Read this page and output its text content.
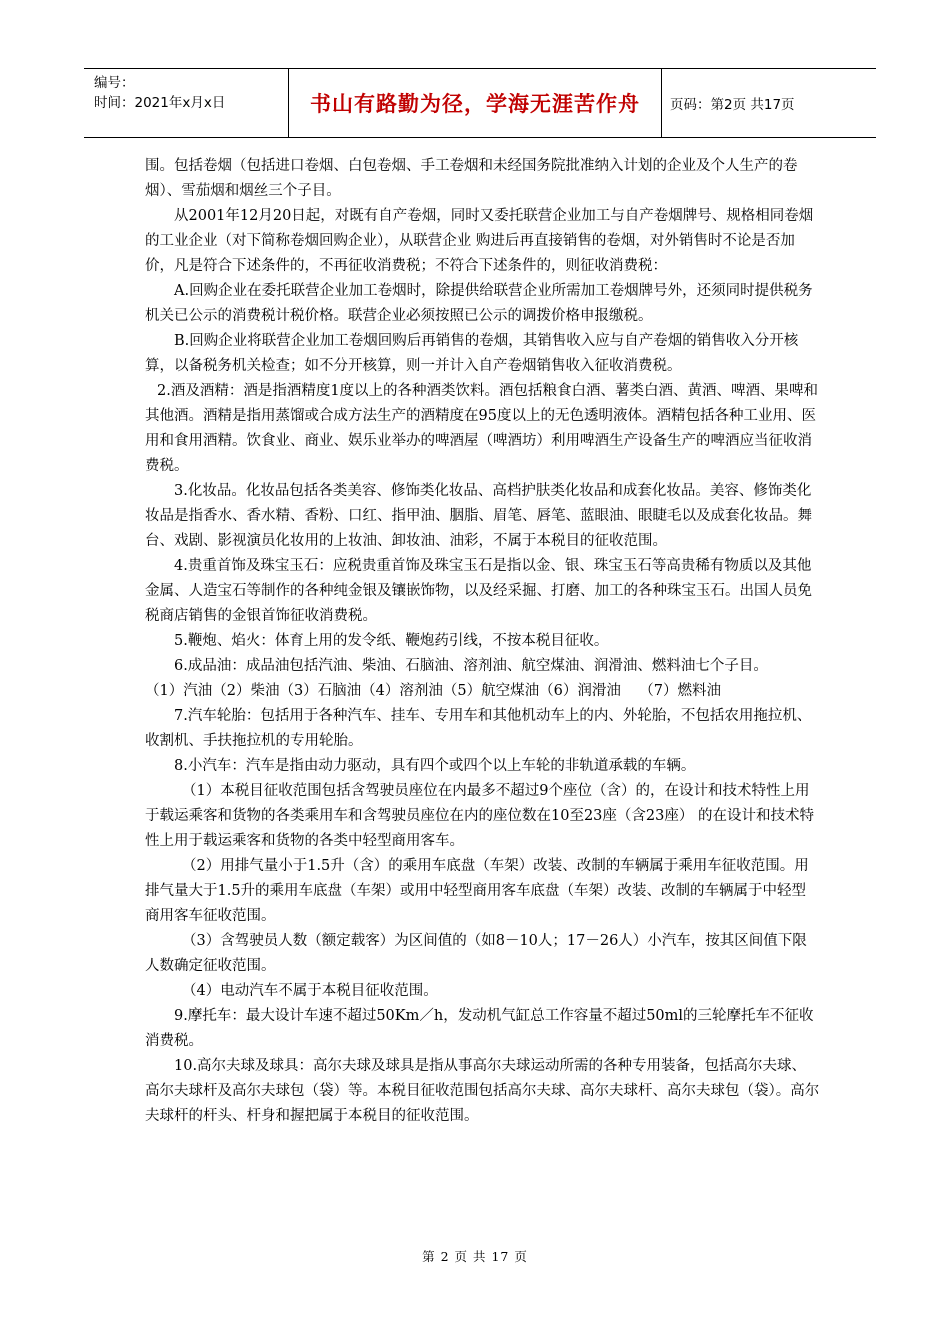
编号：
时间：2021年x月x日	书山有路勤为径，学海无涯苦作舟	页码：第2页 共17页

围。包括卷烟（包括进口卷烟、白包卷烟、手工卷烟和未经国务院批准纳入计划的企业及个人生产的卷烟）、雪茄烟和烟丝三个子目。

从2001年12月20日起，对既有自产卷烟，同时又委托联营企业加工与自产卷烟牌号、规格相同卷烟的工业企业（对下简称卷烟回购企业），从联营企业 购进后再直接销售的卷烟，对外销售时不论是否加价，凡是符合下述条件的，不再征收消费税；不符合下述条件的，则征收消费税：

A.回购企业在委托联营企业加工卷烟时，除提供给联营企业所需加工卷烟牌号外，还须同时提供税务机关已公示的消费税计税价格。联营企业必须按照已公示的调拨价格申报缴税。

B.回购企业将联营企业加工卷烟回购后再销售的卷烟，其销售收入应与自产卷烟的销售收入分开核算，以备税务机关检查；如不分开核算，则一并计入自产卷烟销售收入征收消费税。

2.酒及酒精：酒是指酒精度1度以上的各种酒类饮料。酒包括粮食白酒、薯类白酒、黄酒、啤酒、果啤和其他酒。酒精是指用蒸馏或合成方法生产的酒精度在95度以上的无色透明液体。酒精包括各种工业用、医用和食用酒精。饮食业、商业、娱乐业举办的啤酒屋（啤酒坊）利用啤酒生产设备生产的啤酒应当征收消费税。

3.化妆品。化妆品包括各类美容、修饰类化妆品、高档护肤类化妆品和成套化妆品。美容、修饰类化妆品是指香水、香水精、香粉、口红、指甲油、胭脂、眉笔、唇笔、蓝眼油、眼睫毛以及成套化妆品。舞台、戏剧、影视演员化妆用的上妆油、卸妆油、油彩，不属于本税目的征收范围。

4.贵重首饰及珠宝玉石：应税贵重首饰及珠宝玉石是指以金、银、珠宝玉石等高贵稀有物质以及其他金属、人造宝石等制作的各种纯金银及镶嵌饰物，以及经采掘、打磨、加工的各种珠宝玉石。出国人员免税商店销售的金银首饰征收消费税。

5.鞭炮、焰火：体育上用的发令纸、鞭炮药引线，不按本税目征收。

6.成品油：成品油包括汽油、柴油、石脑油、溶剂油、航空煤油、润滑油、燃料油七个子目。

（1）汽油（2）柴油（3）石脑油（4）溶剂油（5）航空煤油（6）润滑油    （7）燃料油

7.汽车轮胎：包括用于各种汽车、挂车、专用车和其他机动车上的内、外轮胎，不包括农用拖拉机、收割机、手扶拖拉机的专用轮胎。

8.小汽车：汽车是指由动力驱动，具有四个或四个以上车轮的非轨道承载的车辆。

（1）本税目征收范围包括含驾驶员座位在内最多不超过9个座位（含）的，在设计和技术特性上用于载运乘客和货物的各类乘用车和含驾驶员座位在内的座位数在10至23座（含23座） 的在设计和技术特性上用于载运乘客和货物的各类中轻型商用客车。

（2）用排气量小于1.5升（含）的乘用车底盘（车架）改装、改制的车辆属于乘用车征收范围。用排气量大于1.5升的乘用车底盘（车架）或用中轻型商用客车底盘（车架）改装、改制的车辆属于中轻型商用客车征收范围。

（3）含驾驶员人数（额定载客）为区间值的（如8－10人；17－26人）小汽车，按其区间值下限人数确定征收范围。

（4）电动汽车不属于本税目征收范围。

9.摩托车：最大设计车速不超过50Km／h，发动机气缸总工作容量不超过50ml的三轮摩托车不征收消费税。

10.高尔夫球及球具：高尔夫球及球具是指从事高尔夫球运动所需的各种专用装备，包括高尔夫球、高尔夫球杆及高尔夫球包（袋）等。本税目征收范围包括高尔夫球、高尔夫球杆、高尔夫球包（袋）。高尔夫球杆的杆头、杆身和握把属于本税目的征收范围。

第 2 页 共 17 页
